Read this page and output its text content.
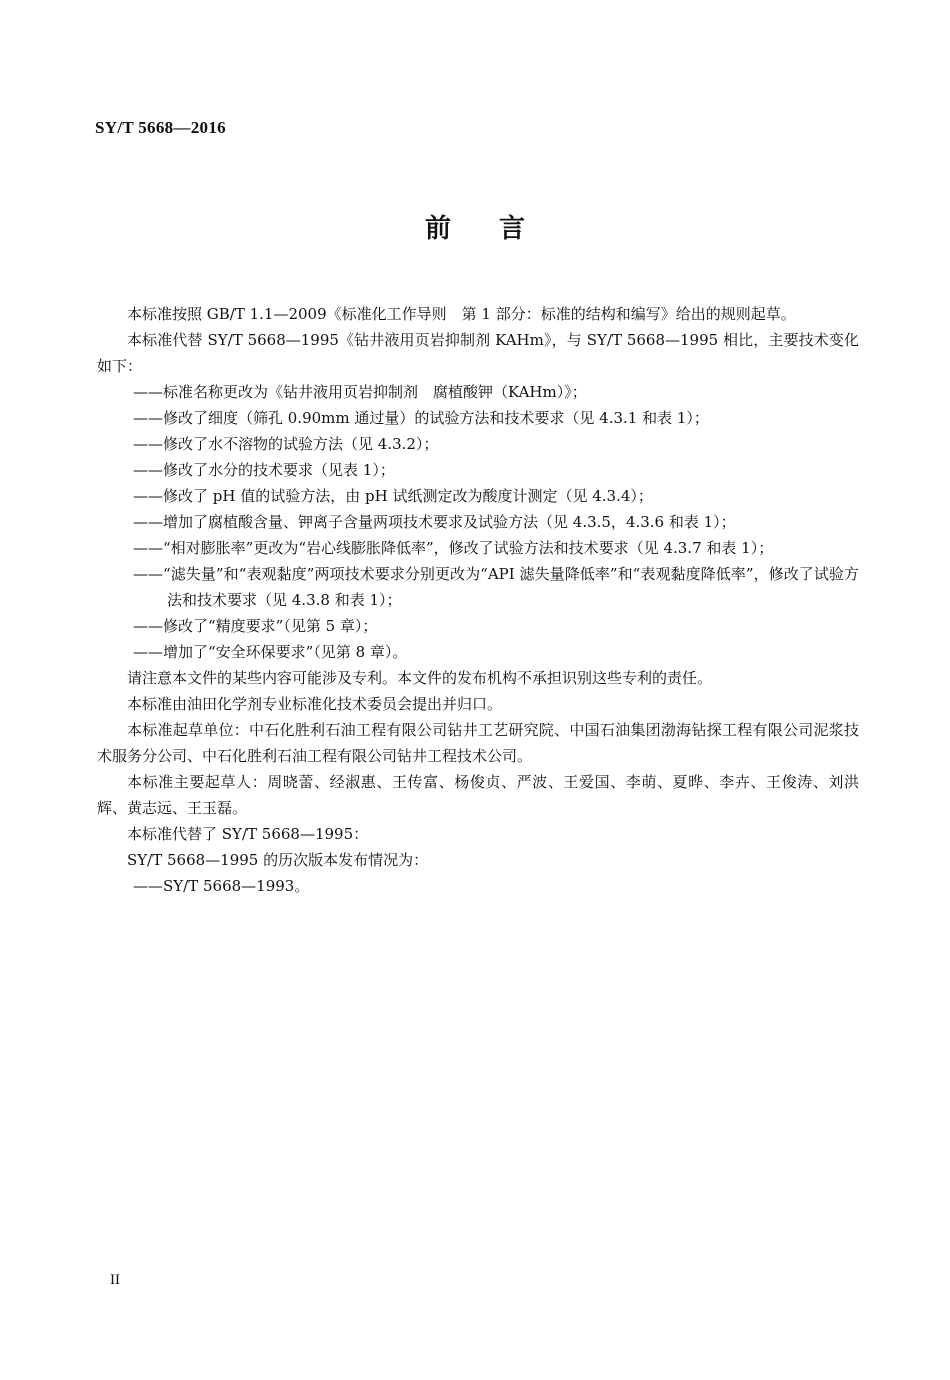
SY/T 5668—2016
前言

本标准按照 GB/T 1.1—2009《标准化工作导则　第 1 部分：标准的结构和编写》给出的规则起草。

本标准代替 SY/T 5668—1995《钻井液用页岩抑制剂 KAHm》，与 SY/T 5668—1995 相比，主要技术变化如下：

——标准名称更改为《钻井液用页岩抑制剂　腐植酸钾（KAHm）》；

——修改了细度（筛孔 0.90mm 通过量）的试验方法和技术要求（见 4.3.1 和表 1）；

——修改了水不溶物的试验方法（见 4.3.2）；

——修改了水分的技术要求（见表 1）；

——修改了 pH 值的试验方法，由 pH 试纸测定改为酸度计测定（见 4.3.4）；

——增加了腐植酸含量、钾离子含量两项技术要求及试验方法（见 4.3.5，4.3.6 和表 1）；

——“相对膨胀率”更改为“岩心线膨胀降低率”，修改了试验方法和技术要求（见 4.3.7 和表 1）；

——“滤失量”和“表观黏度”两项技术要求分别更改为“API 滤失量降低率”和“表观黏度降低率”，修改了试验方法和技术要求（见 4.3.8 和表 1）；

——修改了“精度要求”（见第 5 章）；

——增加了“安全环保要求”（见第 8 章）。

请注意本文件的某些内容可能涉及专利。本文件的发布机构不承担识别这些专利的责任。

本标准由油田化学剂专业标准化技术委员会提出并归口。

本标准起草单位：中石化胜利石油工程有限公司钻井工艺研究院、中国石油集团渤海钻探工程有限公司泥浆技术服务分公司、中石化胜利石油工程有限公司钻井工程技术公司。

本标准主要起草人：周晓蕾、经淑惠、王传富、杨俊贞、严波、王爱国、李萌、夏晔、李卉、王俊涛、刘洪辉、黄志远、王玉磊。

本标准代替了 SY/T 5668—1995：

SY/T 5668—1995 的历次版本发布情况为：

——SY/T 5668—1993。

II
